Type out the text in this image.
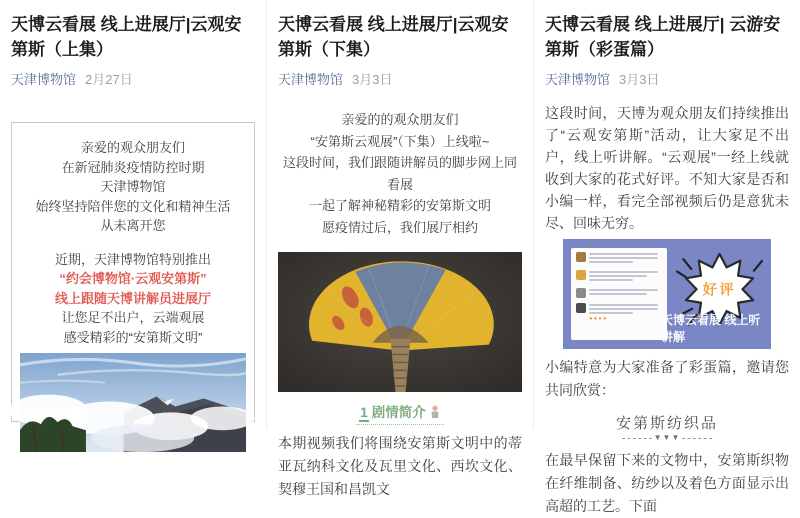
天博云看展 线上进展厅|云观安第斯（上集）
天津博物馆 2月27日

亲爱的观众朋友们

在新冠肺炎疫情防控时期

天津博物馆

始终坚持陪伴您的文化和精神生活

从未离开您

近期，天津博物馆特别推出

“约会博物馆·云观安第斯”

线上跟随天博讲解员进展厅

让您足不出户，云端观展

感受精彩的“安第斯文明”

天博云看展 线上进展厅|云观安第斯（下集）
天津博物馆 3月3日

亲爱的的观众朋友们

“安第斯云观展”（下集）上线啦~

这段时间，我们跟随讲解员的脚步网上同看展

一起了解神秘精彩的安第斯文明

愿疫情过后，我们展厅相约

1 剧情简介

本期视频我们将围绕安第斯文明中的蒂亚瓦纳科文化及瓦里文化、西坎文化、契穆王国和昌凯文

天博云看展 线上进展厅| 云游安第斯（彩蛋篇）
天津博物馆 3月3日

这段时间，天博为观众朋友们持续推出了“云观安第斯”活动，让大家足不出户，线上听讲解。“云观展”一经上线就收到大家的花式好评。不知大家是否和小编一样，看完全部视频后仍是意犹未尽、回味无穷。

●●●●
好评
天博云看展 线上听讲解

小编特意为大家准备了彩蛋篇，邀请您共同欣赏：

安第斯纺织品
▼▼▼

在最早保留下来的文物中，安第斯织物在纤维制备、纺纱以及着色方面显示出高超的工艺。下面
